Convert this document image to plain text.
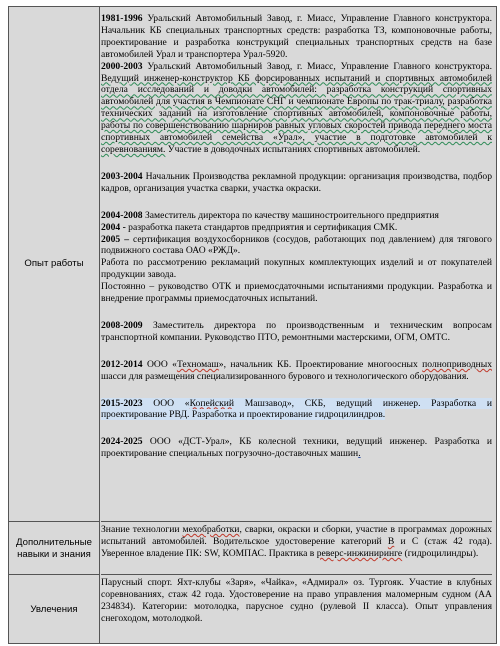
Опыт работы

1981-1996 Уральский Автомобильный Завод, г. Миасс, Управление Главного конструктора. Начальник КБ специальных транспортных средств: разработка ТЗ, компоновочные работы, проектирование и разработка конструкций специальных транспортных средств на базе автомобилей Урал и транспортера Урал-5920.

2000-2003 Уральский Автомобильный Завод, г. Миасс, Управление Главного конструктора. Ведущий инженер-конструктор КБ форсированных испытаний и спортивных автомобилей отдела исследований и доводки автомобилей: разработка конструкций спортивных автомобилей для участия в Чемпионате СНГ и чемпионате Европы по трак-триалу, разработка технических заданий на изготовление спортивных автомобилей, компоновочные работы, работы по совершенствованию шарниров равных угловых скоростей привода переднего моста спортивных автомобилей семейства «Урал», участие в подготовке автомобилей к соревнованиям. Участие в доводочных испытаниях спортивных автомобилей.

2003-2004 Начальник Производства рекламной продукции: организация производства, подбор кадров, организация участка сварки, участка окраски.

2004-2008 Заместитель директора по качеству машиностроительного предприятия

2004 - разработка пакета стандартов предприятия и сертификация СМК.

2005 – сертификация воздухосборников (сосудов, работающих под давлением) для тягового подвижного состава ОАО «РЖД».

Работа по рассмотрению рекламаций покупных комплектующих изделий и от покупателей продукции завода.

Постоянно – руководство ОТК и приемосдаточными испытаниями продукции. Разработка и внедрение программы приемосдаточных испытаний.

2008-2009 Заместитель директора по производственным и техническим вопросам транспортной компании. Руководство ПТО, ремонтными мастерскими, ОГМ, ОМТС.

2012-2014 ООО «Техномаш», начальник КБ. Проектирование многоосных полноприводных шасси для размещения специализированного бурового и технологического оборудования.

2015-2023 ООО «Копейский Машзавод», СКБ, ведущий инженер. Разработка и проектирование РВД. Разработка и проектирование гидроцилиндров.

2024-2025 ООО «ДСТ-Урал», КБ колесной техники, ведущий инженер. Разработка и проектирование специальных погрузочно-доставочных машин.

Дополнительные навыки и знания

Знание технологии мехобработки, сварки, окраски и сборки, участие в программах дорожных испытаний автомобилей. Водительское удостоверение категорий В и С (стаж 42 года). Уверенное владение ПК: SW, КОМПАС. Практика в реверс-инжиниринге (гидроцилиндры).

Увлечения

Парусный спорт. Яхт-клубы «Заря», «Чайка», «Адмирал» оз. Тургояк. Участие в клубных соревнованиях, стаж 42 года. Удостоверение на право управления маломерным судном (АА 234834). Категории: мотолодка, парусное судно (рулевой II класса). Опыт управления снегоходом, мотолодкой.
